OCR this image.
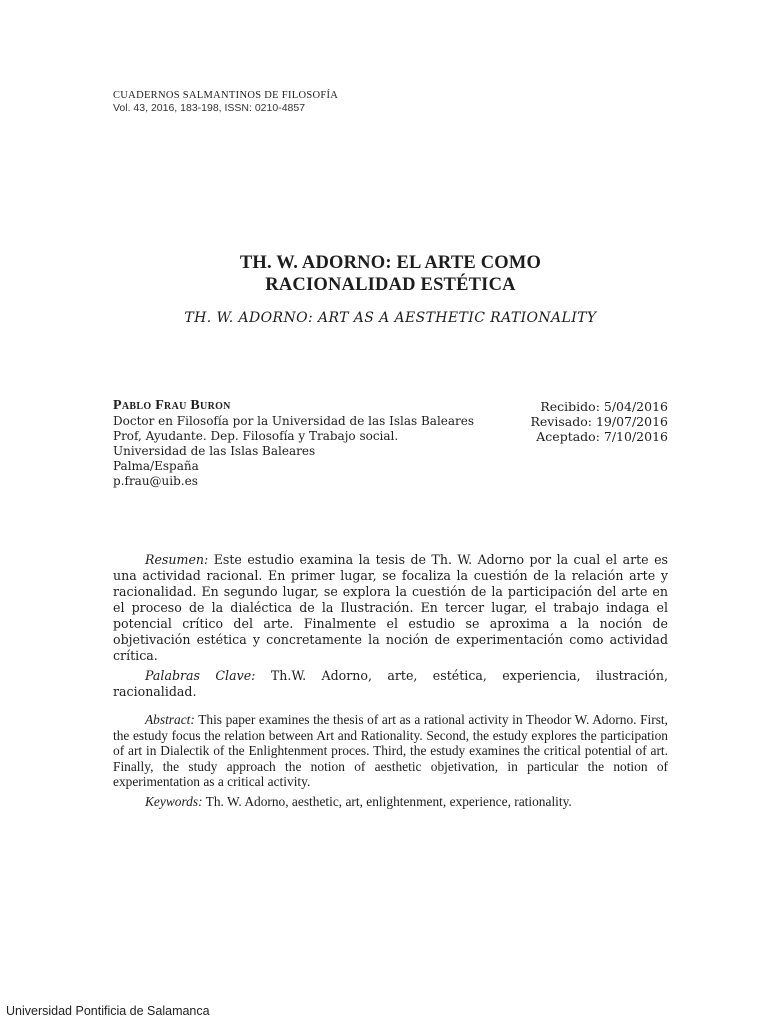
CUADERNOS SALMANTINOS DE FILOSOFÍA
Vol. 43, 2016, 183-198, ISSN: 0210-4857
TH. W. ADORNO: EL ARTE COMO
RACIONALIDAD ESTÉTICA
TH. W. ADORNO: ART AS A AESTHETIC RATIONALITY
Pablo Frau Buron
Doctor en Filosofía por la Universidad de las Islas Baleares
Prof, Ayudante. Dep. Filosofía y Trabajo social.
Universidad de las Islas Baleares
Palma/España
p.frau@uib.es
Recibido: 5/04/2016
Revisado: 19/07/2016
Aceptado: 7/10/2016

Resumen: Este estudio examina la tesis de Th. W. Adorno por la cual el arte es una actividad racional. En primer lugar, se focaliza la cuestión de la relación arte y racionalidad. En segundo lugar, se explora la cuestión de la participación del arte en el proceso de la dialéctica de la Ilustración. En tercer lugar, el trabajo indaga el potencial crítico del arte. Finalmente el estudio se aproxima a la noción de objetivación estética y concretamente la noción de experimentación como actividad crítica.

Palabras Clave: Th.W. Adorno, arte, estética, experiencia, ilustración, racionalidad.

Abstract: This paper examines the thesis of art as a rational activity in Theodor W. Adorno. First, the estudy focus the relation between Art and Rationality. Second, the estudy explores the participation of art in Dialectik of the Enlightenment proces. Third, the estudy examines the critical potential of art. Finally, the study approach the notion of aesthetic objetivation, in particular the notion of experimentation as a critical activity.

Keywords: Th. W. Adorno, aesthetic, art, enlightenment, experience, rationality.

Universidad Pontificia de Salamanca
